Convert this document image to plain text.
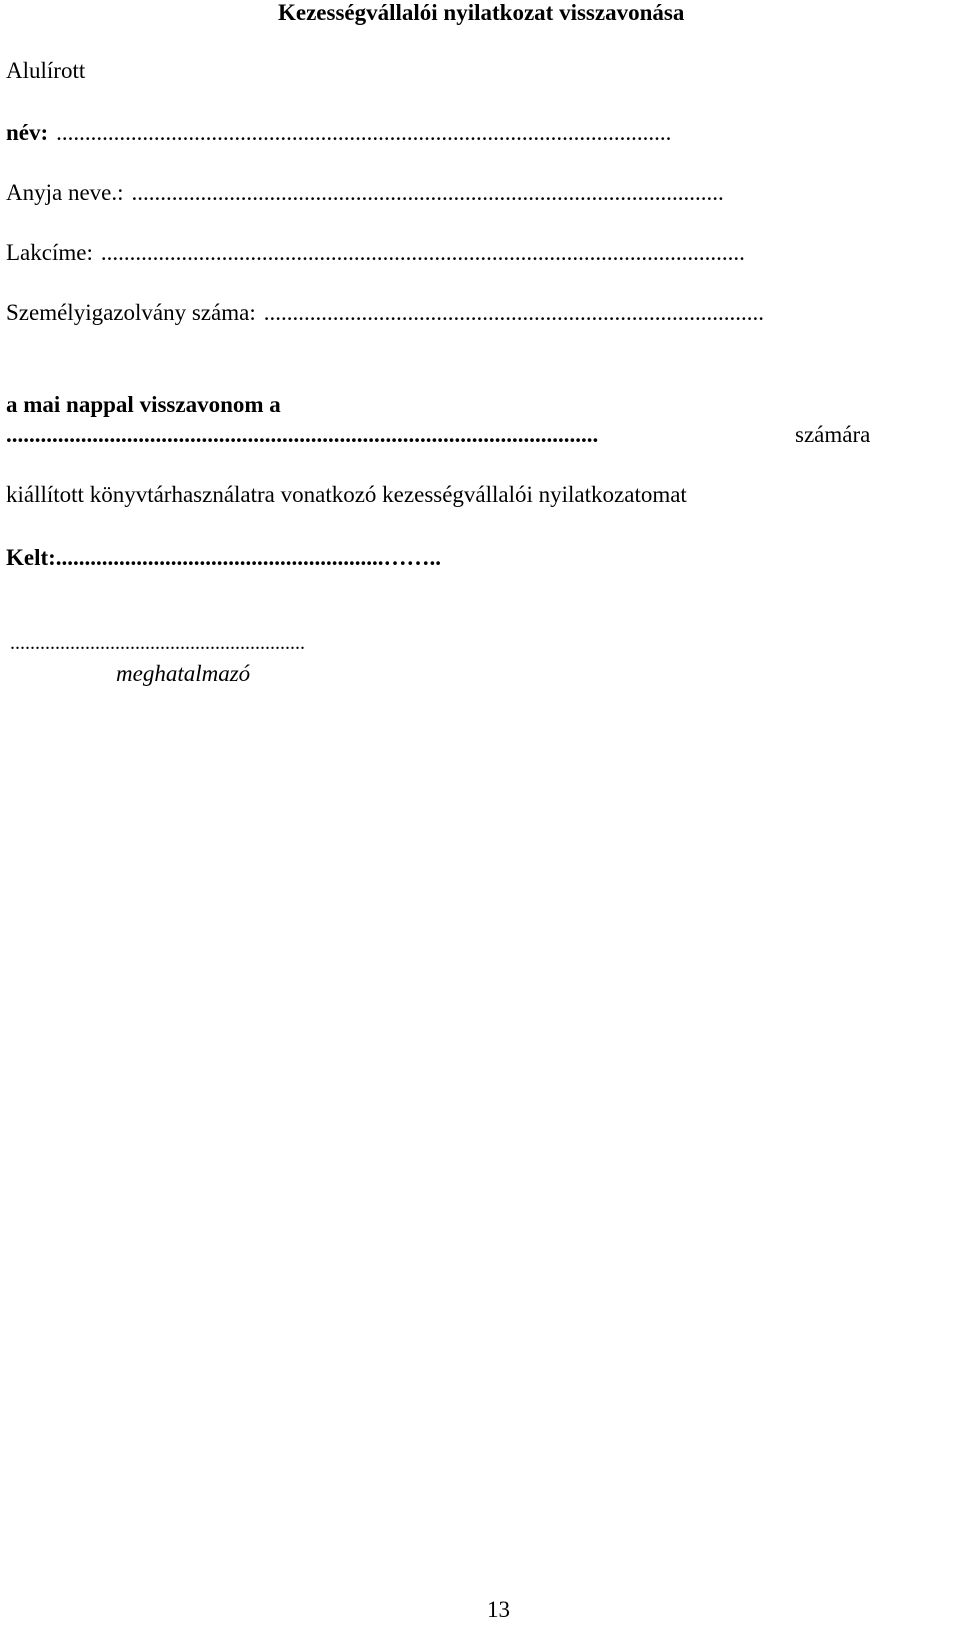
Kezességvállalói nyilatkozat visszavonása
Alulírott
név: ...........................................................................................................
Anyja neve.: .......................................................................................................
Lakcíme: ................................................................................................................
Személyigazolvány száma: .......................................................................................
a mai nappal visszavonom a
.......................................................................................................	számára
kiállított könyvtárhasználatra vonatkozó kezességvállalói nyilatkozatomat
Kelt:.........................................................……..
...........................................................
meghatalmazó
13
